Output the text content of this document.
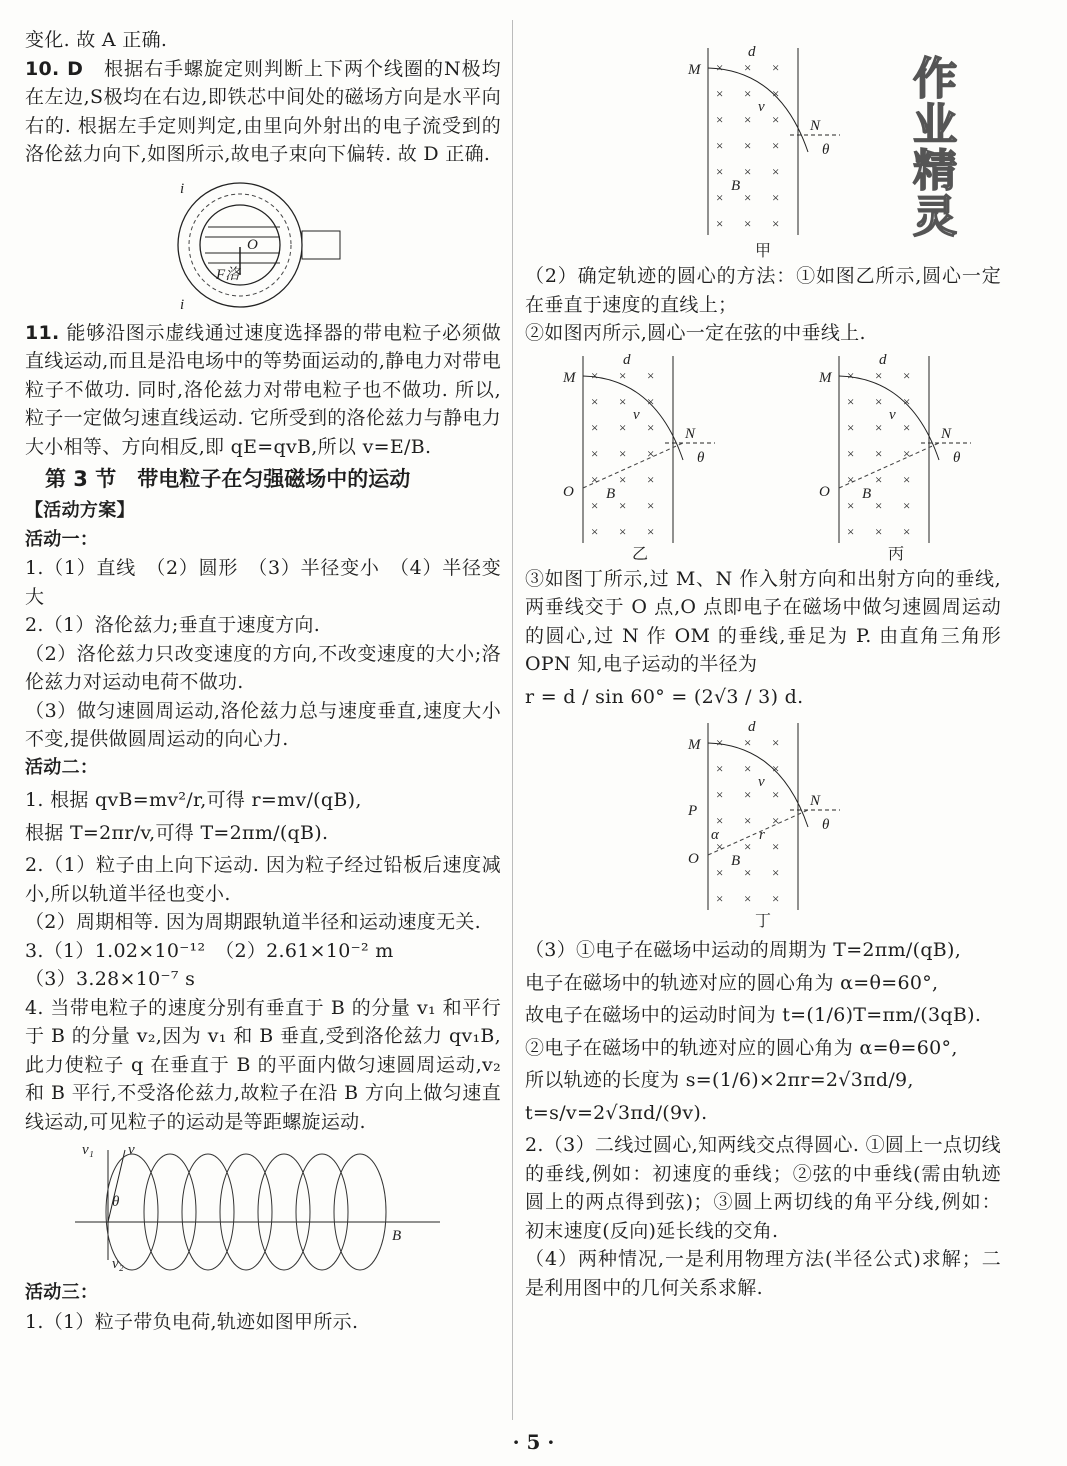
变化. 故 A 正确.
10. D　 根据右手螺旋定则判断上下两个线圈的N极均在左边,S极均在右边,即铁芯中间处的磁场方向是水平向右的. 根据左手定则判定,由里向外射出的电子流受到的洛伦兹力向下,如图所示,故电子束向下偏转. 故 D 正确.
i
O
F洛
i
11. 能够沿图示虚线通过速度选择器的带电粒子必须做直线运动,而且是沿电场中的等势面运动的,静电力对带电粒子不做功. 同时,洛伦兹力对带电粒子也不做功. 所以,粒子一定做匀速直线运动. 它所受到的洛伦兹力与静电力大小相等、方向相反,即 qE=qvB,所以 v=E/B.
第 3 节　带电粒子在匀强磁场中的运动
【活动方案】
活动一：
1.（1）直线　（2）圆形　（3）半径变小　（4）半径变大
2.（1）洛伦兹力;垂直于速度方向.
（2）洛伦兹力只改变速度的方向,不改变速度的大小;洛伦兹力对运动电荷不做功.
（3）做匀速圆周运动,洛伦兹力总与速度垂直,速度大小不变,提供做圆周运动的向心力.
活动二：
1. 根据 qvB=mv²/r,可得 r=mv/(qB),
根据 T=2πr/v,可得 T=2πm/(qB).
2.（1）粒子由上向下运动. 因为粒子经过铅板后速度减小,所以轨道半径也变小.
（2）周期相等. 因为周期跟轨道半径和运动速度无关.
3.（1）1.02×10⁻¹²　（2）2.61×10⁻² m
（3）3.28×10⁻⁷ s
4. 当带电粒子的速度分别有垂直于 B 的分量 v₁ 和平行于 B 的分量 v₂,因为 v₁ 和 B 垂直,受到洛伦兹力 qv₁B,此力使粒子 q 在垂直于 B 的平面内做匀速圆周运动,v₂ 和 B 平行,不受洛伦兹力,故粒子在沿 B 方向上做匀速直线运动,可见粒子的运动是等距螺旋运动.
v₁ v
θ
v₂
B
活动三：
1.（1）粒子带负电荷,轨迹如图甲所示.
× × ×
× × ×
× × ×
× × ×
× × ×
× × ×
× × ×
d
M
N
θ
v
B
甲
（2）确定轨迹的圆心的方法：①如图乙所示,圆心一定在垂直于速度的直线上；
②如图丙所示,圆心一定在弦的中垂线上.
× × ×
× × ×
× × ×
× × ×
× × ×
× × ×
× × ×
d
M
N
θ
v
B
O
乙
× × ×
× × ×
× × ×
× × ×
× × ×
× × ×
× × ×
d
M
N
θ
v
B
O
丙
③如图丁所示,过 M、N 作入射方向和出射方向的垂线,两垂线交于 O 点,O 点即电子在磁场中做匀速圆周运动的圆心,过 N 作 OM 的垂线,垂足为 P. 由直角三角形 OPN 知,电子运动的半径为
r = d / sin 60° = (2√3 / 3) d.
× × ×
× × ×
× × ×
× × ×
× × ×
× × ×
× × ×
d
M
N
θ
v
B
O
P
r
α
丁
（3）①电子在磁场中运动的周期为 T=2πm/(qB),
电子在磁场中的轨迹对应的圆心角为 α=θ=60°,
故电子在磁场中的运动时间为 t=(1/6)T=πm/(3qB).
②电子在磁场中的轨迹对应的圆心角为 α=θ=60°,
所以轨迹的长度为 s=(1/6)×2πr=2√3πd/9,
t=s/v=2√3πd/(9v).
2.（3）二线过圆心,知两线交点得圆心. ①圆上一点切线的垂线,例如：初速度的垂线；②弦的中垂线(需由轨迹圆上的两点得到弦)；③圆上两切线的角平分线,例如：初末速度(反向)延长线的交角.
（4）两种情况,一是利用物理方法(半径公式)求解；二是利用图中的几何关系求解.
作业精灵
· 5 ·
